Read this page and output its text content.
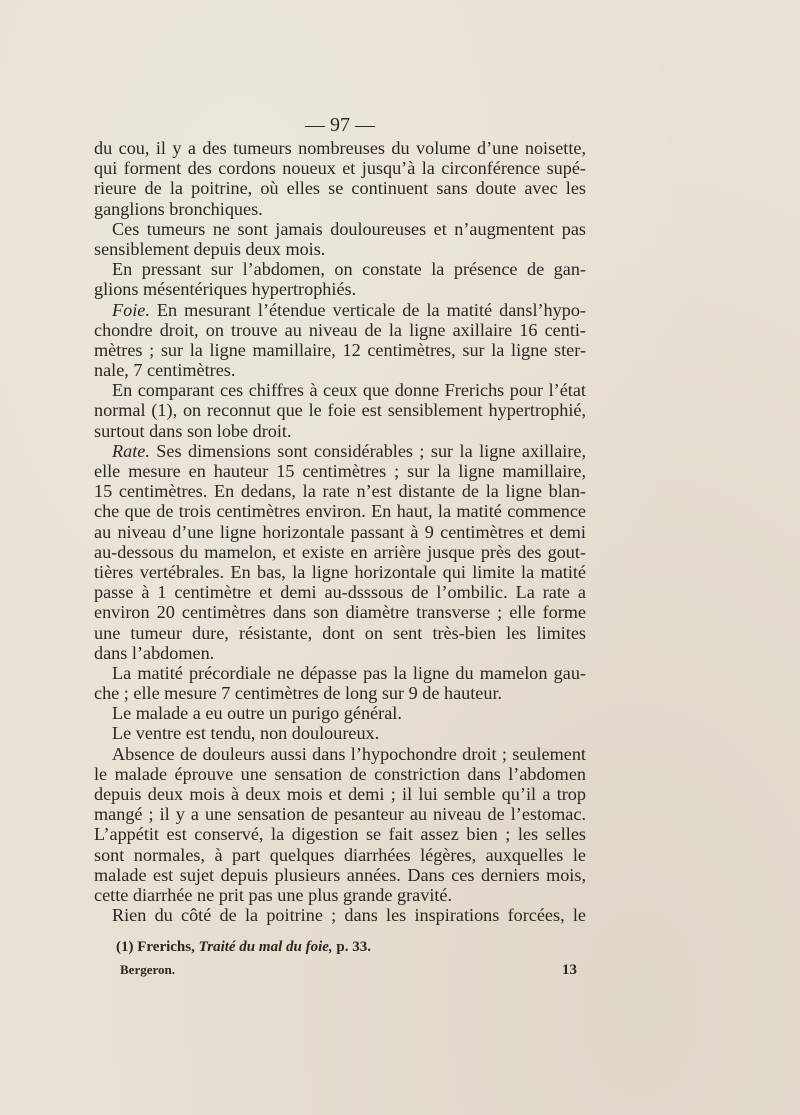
— 97 —
du cou, il y a des tumeurs nombreuses du volume d’une noisette,
qui forment des cordons noueux et jusqu’à la circonférence supé-
rieure de la poitrine, où elles se continuent sans doute avec les
ganglions bronchiques.
Ces tumeurs ne sont jamais douloureuses et n’augmentent pas
sensiblement depuis deux mois.
En pressant sur l’abdomen, on constate la présence de gan-
glions mésentériques hypertrophiés.
Foie. En mesurant l’étendue verticale de la matité dansl’hypo-
chondre droit, on trouve au niveau de la ligne axillaire 16 centi-
mètres ; sur la ligne mamillaire, 12 centimètres, sur la ligne ster-
nale, 7 centimètres.
En comparant ces chiffres à ceux que donne Frerichs pour l’état
normal (1), on reconnut que le foie est sensiblement hypertrophié,
surtout dans son lobe droit.
Rate. Ses dimensions sont considérables ; sur la ligne axillaire,
elle mesure en hauteur 15 centimètres ; sur la ligne mamillaire,
15 centimètres. En dedans, la rate n’est distante de la ligne blan-
che que de trois centimètres environ. En haut, la matité commence
au niveau d’une ligne horizontale passant à 9 centimètres et demi
au-dessous du mamelon, et existe en arrière jusque près des gout-
tières vertébrales. En bas, la ligne horizontale qui limite la matité
passe à 1 centimètre et demi au-dsssous de l’ombilic. La rate a
environ 20 centimètres dans son diamètre transverse ; elle forme
une tumeur dure, résistante, dont on sent très-bien les limites
dans l’abdomen.
La matité précordiale ne dépasse pas la ligne du mamelon gau-
che ; elle mesure 7 centimètres de long sur 9 de hauteur.
Le malade a eu outre un purigo général.
Le ventre est tendu, non douloureux.
Absence de douleurs aussi dans l’hypochondre droit ; seulement
le malade éprouve une sensation de constriction dans l’abdomen
depuis deux mois à deux mois et demi ; il lui semble qu’il a trop
mangé ; il y a une sensation de pesanteur au niveau de l’estomac.
L’appétit est conservé, la digestion se fait assez bien ; les selles
sont normales, à part quelques diarrhées légères, auxquelles le
malade est sujet depuis plusieurs années. Dans ces derniers mois,
cette diarrhée ne prit pas une plus grande gravité.
Rien du côté de la poitrine ; dans les inspirations forcées, le
(1) Frerichs, Traité du mal du foie, p. 33.
Bergeron.	13
